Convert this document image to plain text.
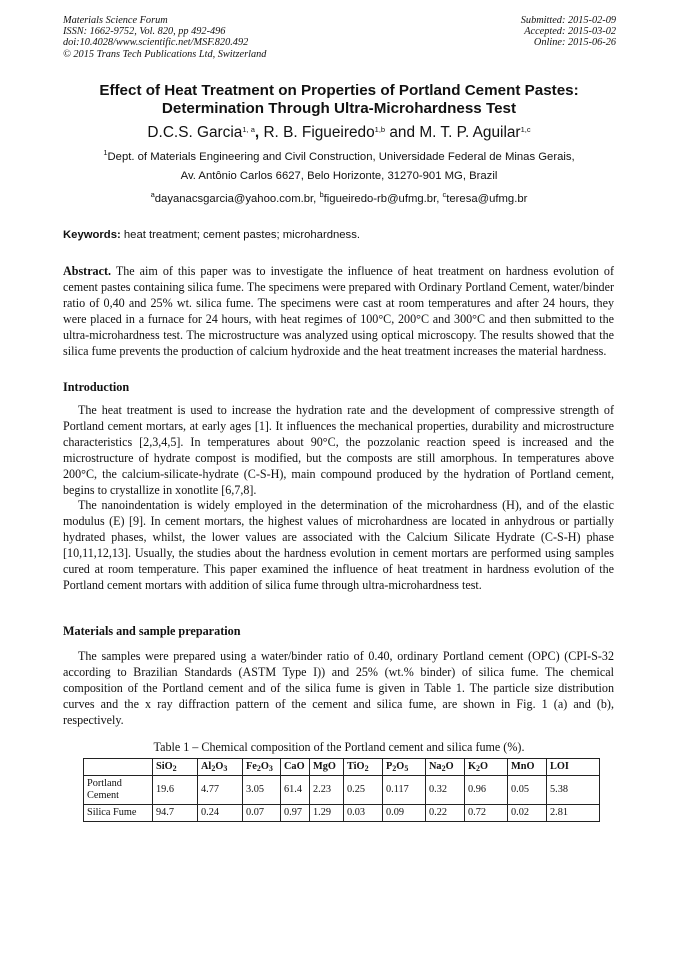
Materials Science Forum
ISSN: 1662-9752, Vol. 820, pp 492-496
doi:10.4028/www.scientific.net/MSF.820.492
© 2015 Trans Tech Publications Ltd, Switzerland
Submitted: 2015-02-09
Accepted: 2015-03-02
Online: 2015-06-26
Effect of Heat Treatment on Properties of Portland Cement Pastes:
Determination Through Ultra-Microhardness Test
D.C.S. Garcia$^{1, a}$, R. B. Figueiredo$^{1,b}$ and M. T. P. Aguilar$^{1,c}$
$^1$Dept. of Materials Engineering and Civil Construction, Universidade Federal de Minas Gerais,
Av. Antônio Carlos 6627, Belo Horizonte, 31270-901 MG, Brazil
$^a$dayanacsgarcia@yahoo.com.br, $^b$figueiredo-rb@ufmg.br, $^c$teresa@ufmg.br
Keywords: heat treatment; cement pastes; microhardness.

Abstract. The aim of this paper was to investigate the influence of heat treatment on hardness evolution of cement pastes containing silica fume. The specimens were prepared with Ordinary Portland Cement, water/binder ratio of 0,40 and 25% wt. silica fume. The specimens were cast at room temperatures and after 24 hours, they were placed in a furnace for 24 hours, with heat regimes of 100°C, 200°C and 300°C and then submitted to the ultra-microhardness test. The microstructure was analyzed using optical microscopy. The results showed that the silica fume prevents the production of calcium hydroxide and the heat treatment increases the material hardness.

Introduction

The heat treatment is used to increase the hydration rate and the development of compressive strength of Portland cement mortars, at early ages [1]. It influences the mechanical properties, durability and microstructure characteristics [2,3,4,5]. In temperatures about 90°C, the pozzolanic reaction speed is increased and the microstructure of hydrate compost is modified, but the composts are still amorphous. In temperatures above 200°C, the calcium-silicate-hydrate (C-S-H), main compound produced by the hydration of Portland cement, begins to crystallize in xonotlite [6,7,8].

The nanoindentation is widely employed in the determination of the microhardness (H), and of the elastic modulus (E) [9]. In cement mortars, the highest values of microhardness are located in anhydrous or partially hydrated phases, whilst, the lower values are associated with the Calcium Silicate Hydrate (C-S-H) phase [10,11,12,13]. Usually, the studies about the hardness evolution in cement mortars are performed using samples cured at room temperature. This paper examined the influence of heat treatment in hardness evolution of the Portland cement mortars with addition of silica fume through ultra-microhardness test.

Materials and sample preparation

The samples were prepared using a water/binder ratio of 0.40, ordinary Portland cement (OPC) (CPI-S-32 according to Brazilian Standards (ASTM Type I)) and 25% (wt.% binder) of silica fume. The chemical composition of the Portland cement and of the silica fume is given in Table 1. The particle size distribution curves and the x ray diffraction pattern of the cement and silica fume, are shown in Fig. 1 (a) and (b), respectively.

Table 1 – Chemical composition of the Portland cement and silica fume (%).
	SiO$_2$	$Al_2O_3$	$Fe_2O_3$	CaO	MgO	TiO$_2$	$P_2O_5$	$Na_2O$	$K_2O$	MnO	LOI
Portland Cement	19.6	4.77	3.05	61.4	2.23	0.25	0.117	0.32	0.96	0.05	5.38
Silica Fume	94.7	0.24	0.07	0.97	1.29	0.03	0.09	0.22	0.72	0.02	2.81
